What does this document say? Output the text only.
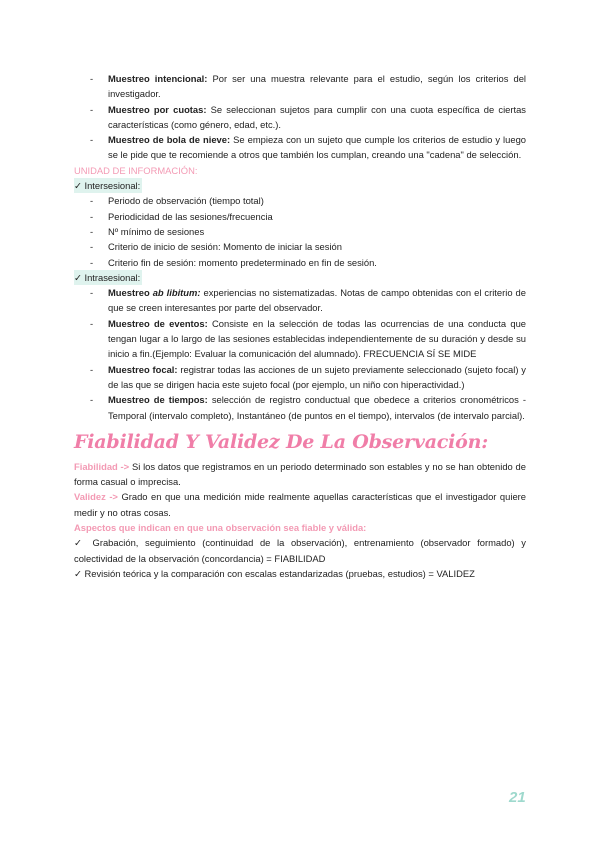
- Muestreo intencional: Por ser una muestra relevante para el estudio, según los criterios del investigador.
- Muestreo por cuotas: Se seleccionan sujetos para cumplir con una cuota específica de ciertas características (como género, edad, etc.).
- Muestreo de bola de nieve: Se empieza con un sujeto que cumple los criterios de estudio y luego se le pide que te recomiende a otros que también los cumplan, creando una "cadena" de selección.
UNIDAD DE INFORMACIÓN:
✓ Intersesional:
- Periodo de observación (tiempo total)
- Periodicidad de las sesiones/frecuencia
- Nº mínimo de sesiones
- Criterio de inicio de sesión: Momento de iniciar la sesión
- Criterio fin de sesión: momento predeterminado en fin de sesión.
✓ Intrasesional:
- Muestreo ab libitum: experiencias no sistematizadas. Notas de campo obtenidas con el criterio de que se creen interesantes por parte del observador.
- Muestreo de eventos: Consiste en la selección de todas las ocurrencias de una conducta que tengan lugar a lo largo de las sesiones establecidas independientemente de su duración y desde su inicio a fin.(Ejemplo: Evaluar la comunicación del alumnado). FRECUENCIA SÍ SE MIDE
- Muestreo focal: registrar todas las acciones de un sujeto previamente seleccionado (sujeto focal) y de las que se dirigen hacia este sujeto focal (por ejemplo, un niño con hiperactividad.)
- Muestreo de tiempos: selección de registro conductual que obedece a criterios cronométricos - Temporal (intervalo completo), Instantáneo (de puntos en el tiempo), intervalos (de intervalo parcial).
Fiabilidad Y Validez De La Observación:
Fiabilidad -> Si los datos que registramos en un periodo determinado son estables y no se han obtenido de forma casual o imprecisa.
Validez -> Grado en que una medición mide realmente aquellas características que el investigador quiere medir y no otras cosas.
Aspectos que indican en que una observación sea fiable y válida:
✓ Grabación, seguimiento (continuidad de la observación), entrenamiento (observador formado) y colectividad de la observación (concordancia) = FIABILIDAD
✓ Revisión teórica y la comparación con escalas estandarizadas (pruebas, estudios) = VALIDEZ
21
